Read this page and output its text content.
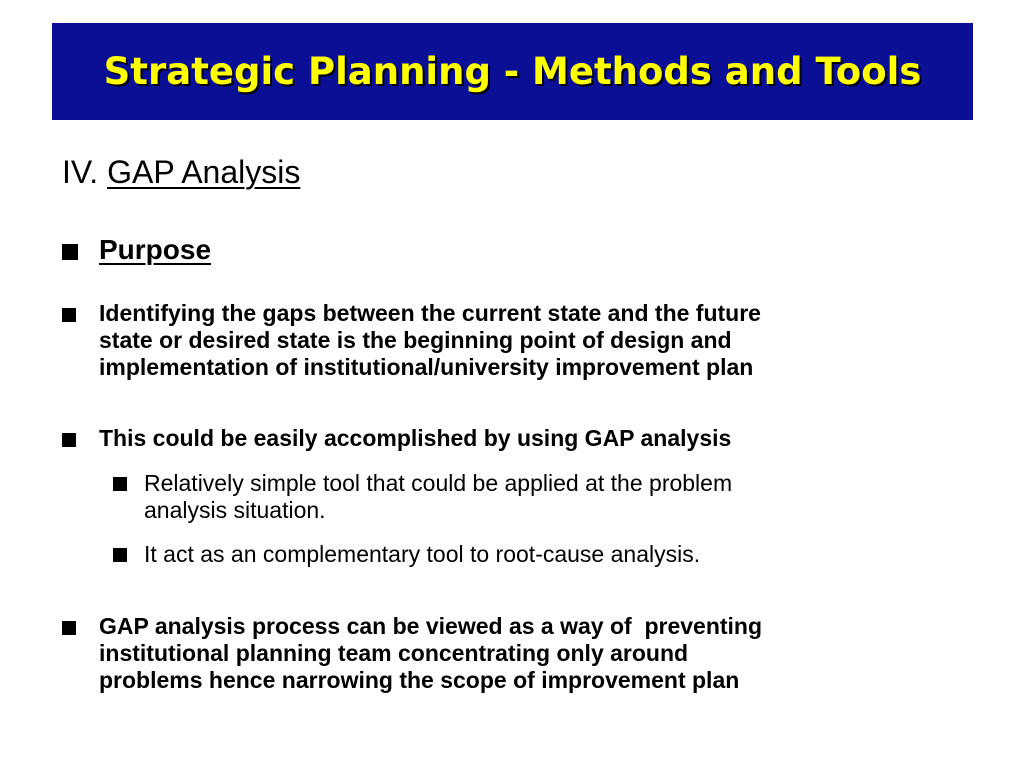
Strategic Planning - Methods and Tools
IV. GAP Analysis
Purpose
Identifying the gaps between the current state and the future
state or desired state is the beginning point of design and
implementation of institutional/university improvement plan
This could be easily accomplished by using GAP analysis
Relatively simple tool that could be applied at the problem
analysis situation.
It act as an complementary tool to root-cause analysis.
GAP analysis process can be viewed as a way of  preventing
institutional planning team concentrating only around
problems hence narrowing the scope of improvement plan
